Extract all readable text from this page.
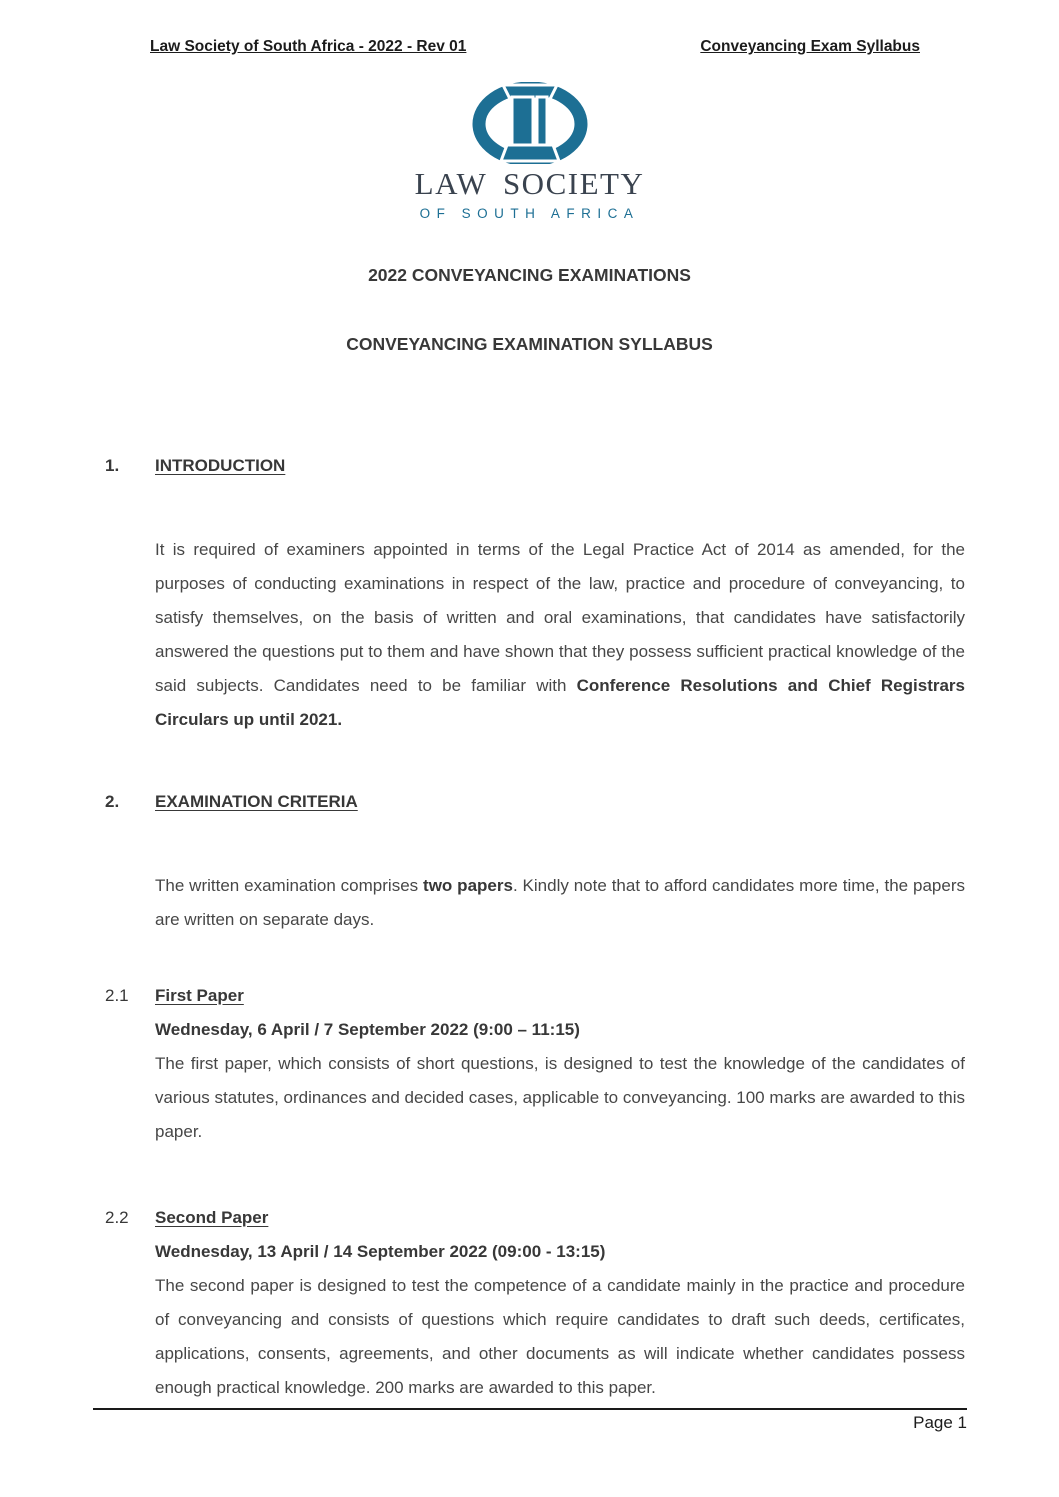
Law Society of South Africa - 2022 - Rev 01	Conveyancing Exam Syllabus
LAW SOCIETY
OF SOUTH AFRICA
2022 CONVEYANCING EXAMINATIONS
CONVEYANCING EXAMINATION SYLLABUS
1.	INTRODUCTION
It is required of examiners appointed in terms of the Legal Practice Act of 2014 as amended, for the purposes of conducting examinations in respect of the law, practice and procedure of conveyancing, to satisfy themselves, on the basis of written and oral examinations, that candidates have satisfactorily answered the questions put to them and have shown that they possess sufficient practical knowledge of the said subjects. Candidates need to be familiar with Conference Resolutions and Chief Registrars Circulars up until 2021.
2.	EXAMINATION CRITERIA
The written examination comprises two papers. Kindly note that to afford candidates more time, the papers are written on separate days.
2.1	First Paper
Wednesday, 6 April / 7 September 2022 (9:00 – 11:15)
The first paper, which consists of short questions, is designed to test the knowledge of the candidates of various statutes, ordinances and decided cases, applicable to conveyancing. 100 marks are awarded to this paper.
2.2	Second Paper
Wednesday, 13 April / 14 September 2022 (09:00 - 13:15)
The second paper is designed to test the competence of a candidate mainly in the practice and procedure of conveyancing and consists of questions which require candidates to draft such deeds, certificates, applications, consents, agreements, and other documents as will indicate whether candidates possess enough practical knowledge. 200 marks are awarded to this paper.
Page 1
